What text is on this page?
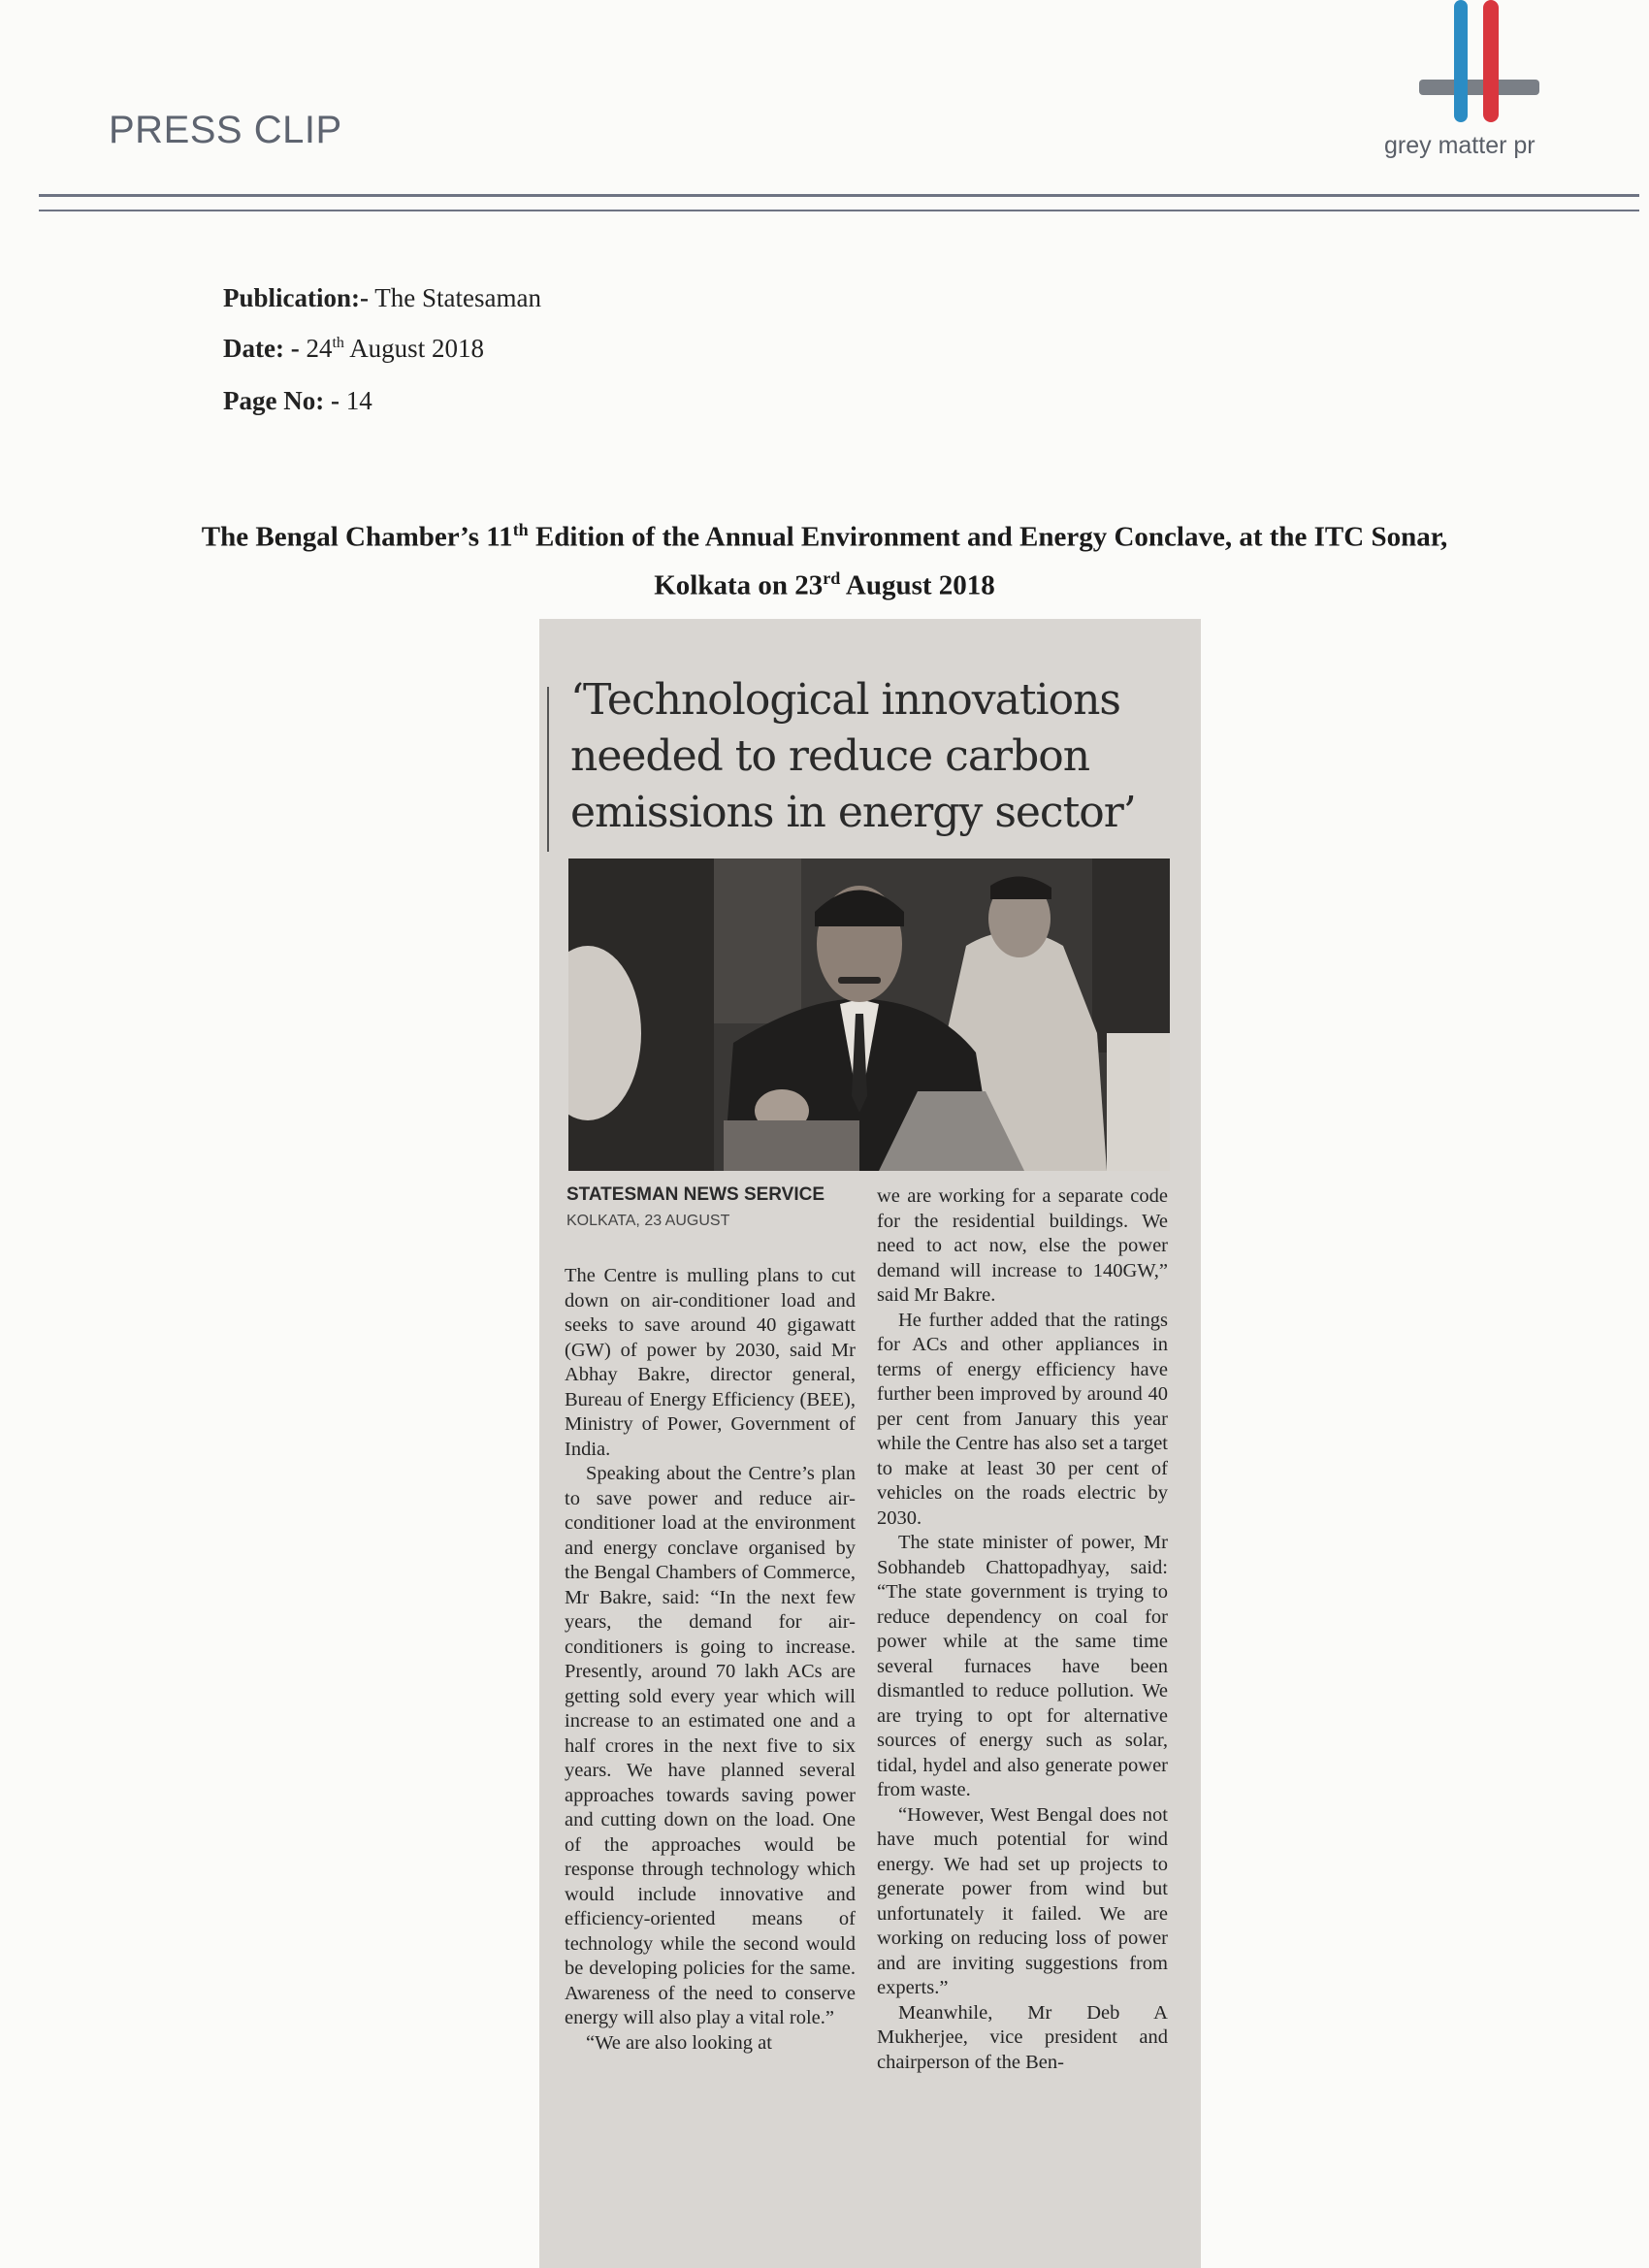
PRESS CLIP	grey matter pr
Publication:- The Statesaman
Date: - 24th August 2018
Page No: - 14
The Bengal Chamber’s 11th Edition of the Annual Environment and Energy Conclave, at the ITC Sonar, Kolkata on 23rd August 2018
‘Technological innovations needed to reduce carbon emissions in energy sector’
STATESMAN NEWS SERVICE
KOLKATA, 23 AUGUST

The Centre is mulling plans to cut down on air-conditioner load and seeks to save around 40 gigawatt (GW) of power by 2030, said Mr Abhay Bakre, director general, Bureau of Energy Efficiency (BEE), Ministry of Power, Government of India.

Speaking about the Centre’s plan to save power and reduce air-conditioner load at the environment and energy conclave organised by the Bengal Chambers of Commerce, Mr Bakre, said: “In the next few years, the demand for air-conditioners is going to increase. Presently, around 70 lakh ACs are getting sold every year which will increase to an estimated one and a half crores in the next five to six years. We have planned several approaches towards saving power and cutting down on the load. One of the approaches would be response through technology which would include innovative and efficiency-oriented means of technology while the second would be developing policies for the same. Awareness of the need to conserve energy will also play a vital role.”

“We are also looking at

we are working for a separate code for the residential buildings. We need to act now, else the power demand will increase to 140GW,” said Mr Bakre.

He further added that the ratings for ACs and other appliances in terms of energy efficiency have further been improved by around 40 per cent from January this year while the Centre has also set a target to make at least 30 per cent of vehicles on the roads electric by 2030.

The state minister of power, Mr Sobhandeb Chattopadhyay, said: “The state government is trying to reduce dependency on coal for power while at the same time several furnaces have been dismantled to reduce pollution. We are trying to opt for alternative sources of energy such as solar, tidal, hydel and also generate power from waste.

“However, West Bengal does not have much potential for wind energy. We had set up projects to generate power from wind but unfortunately it failed. We are working on reducing loss of power and are inviting suggestions from experts.”

Meanwhile, Mr Deb A Mukherjee, vice president and chairperson of the Ben-
